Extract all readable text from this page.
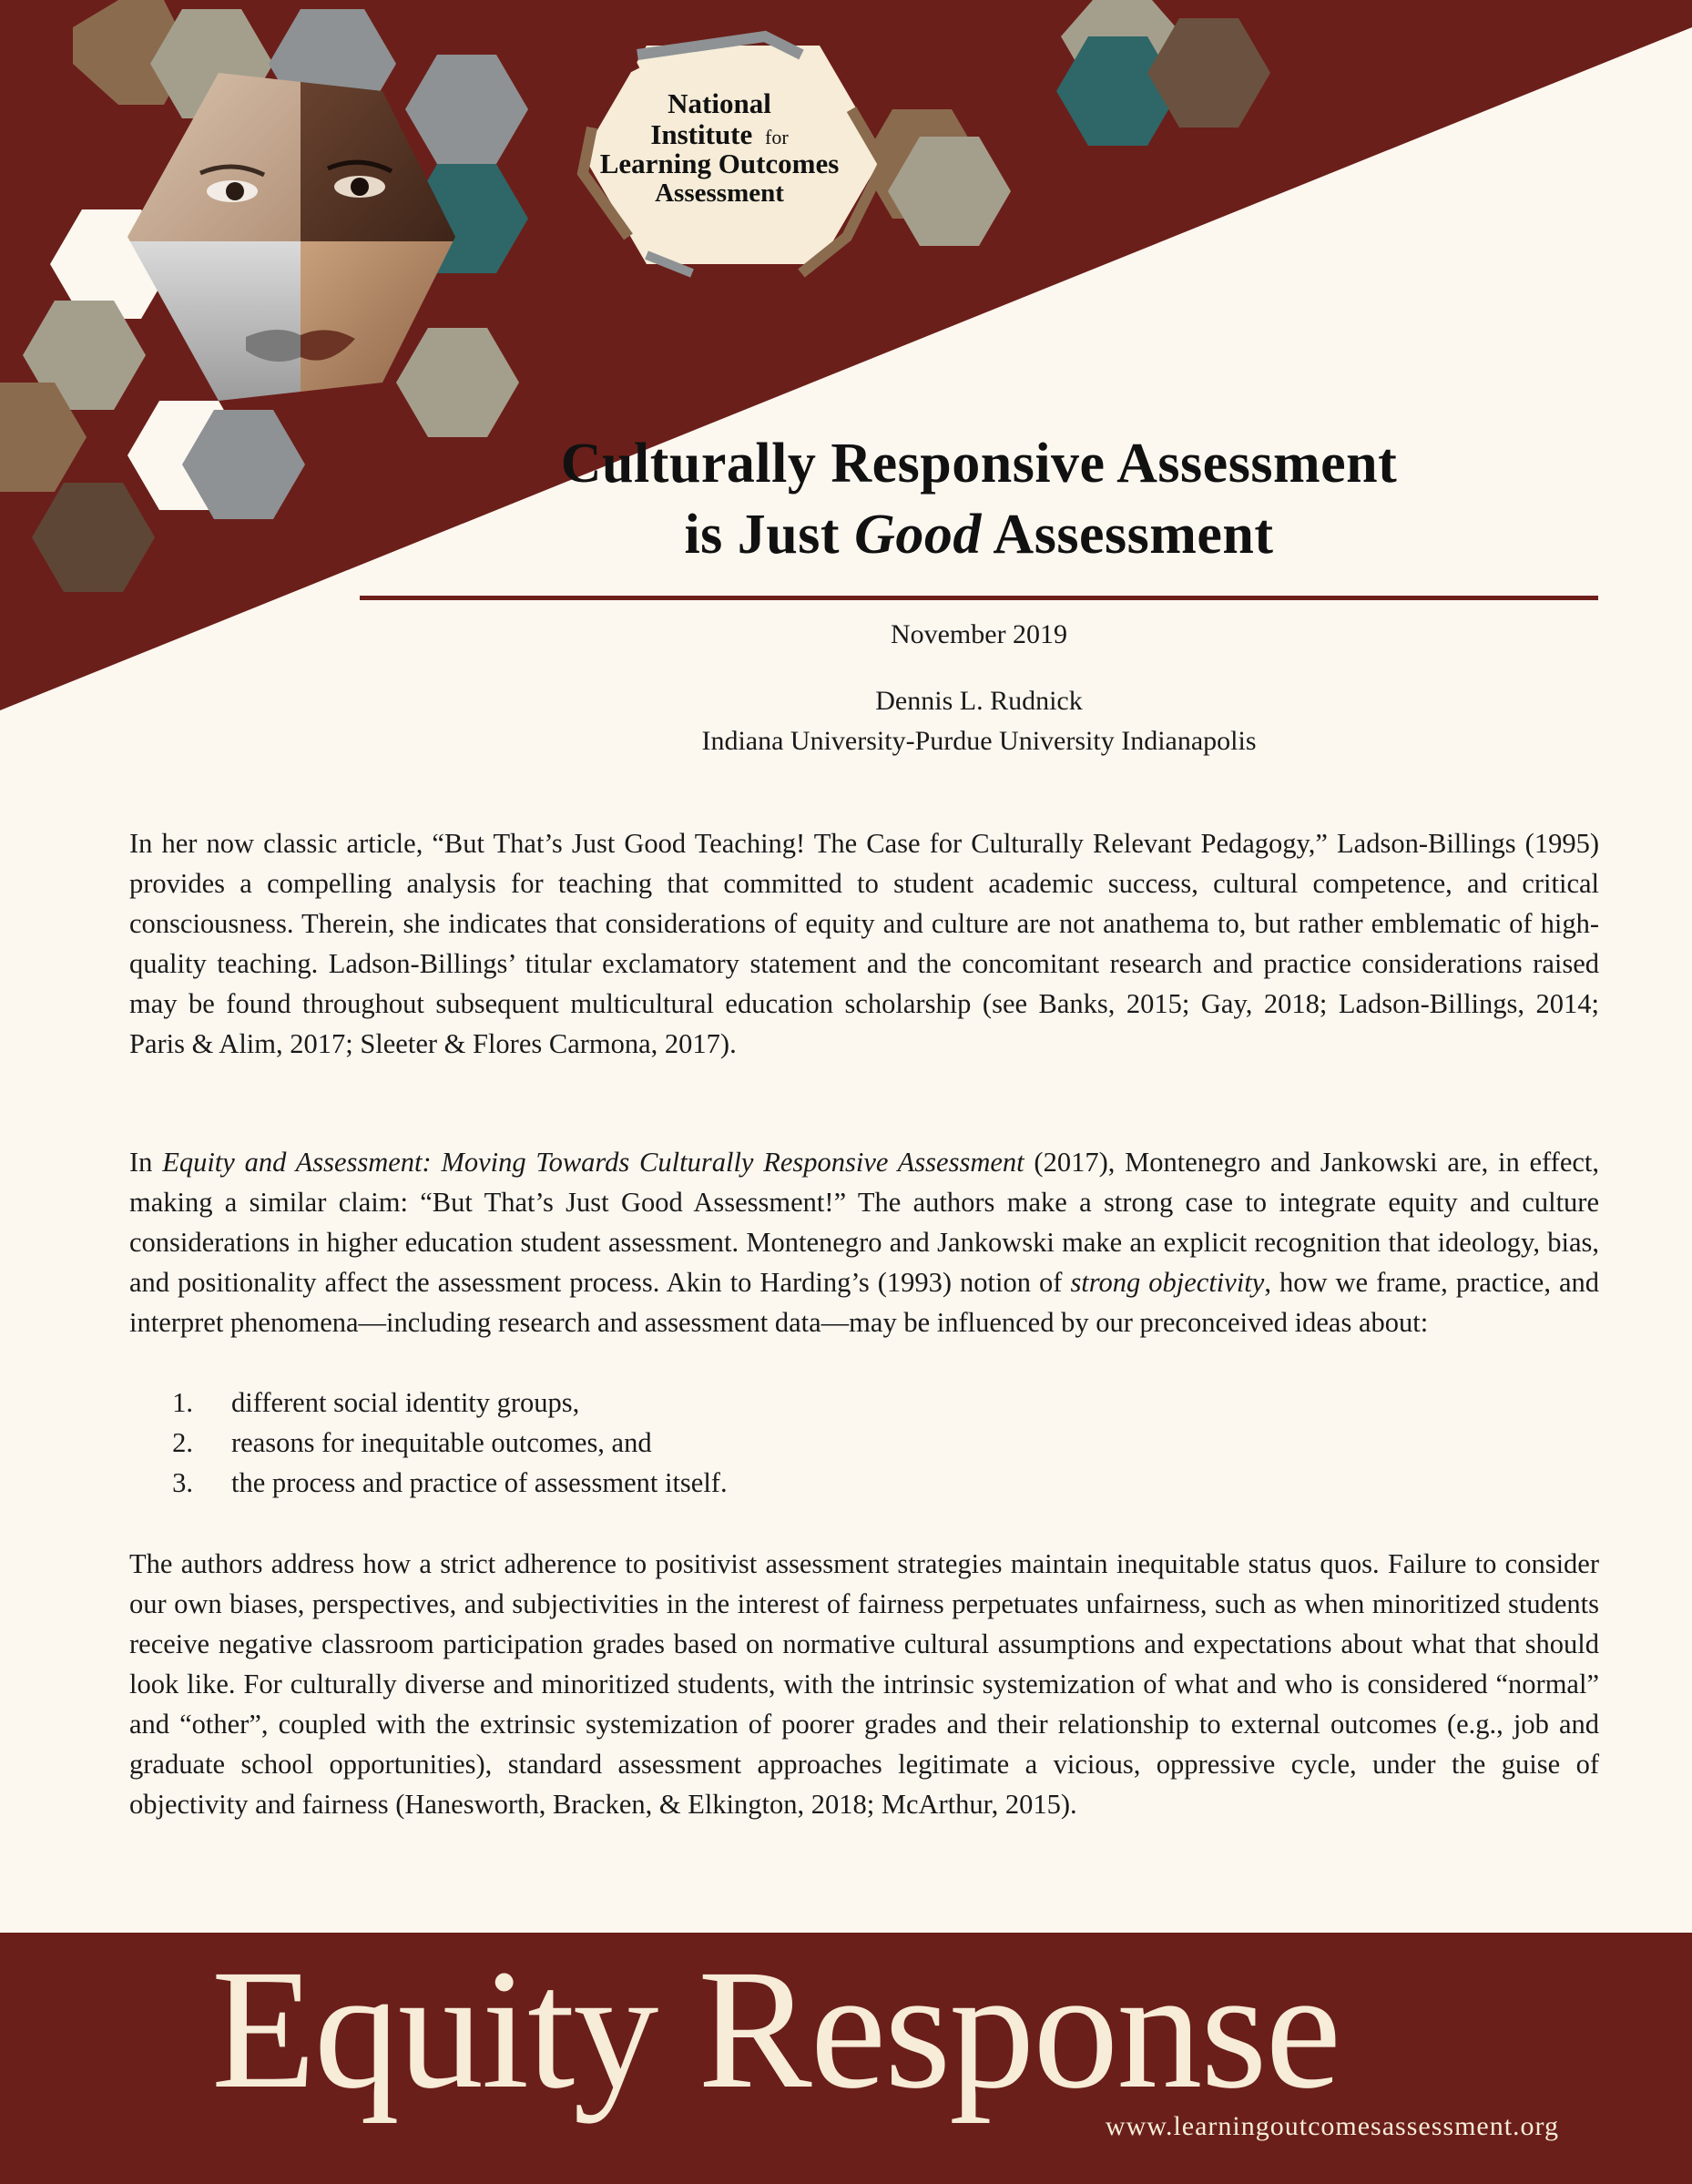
National
Institute for
Learning Outcomes
Assessment
Culturally Responsive Assessment
is Just Good Assessment
November 2019
Dennis L. Rudnick
Indiana University-Purdue University Indianapolis

In her now classic article, “But That’s Just Good Teaching! The Case for Culturally Relevant Pedagogy,” Ladson-Billings (1995) provides a compelling analysis for teaching that committed to student academic success, cultural competence, and critical consciousness. Therein, she indicates that considerations of equity and culture are not anathema to, but rather emblematic of high-quality teaching. Ladson-Billings’ titular exclamatory statement and the concomitant research and practice considerations raised may be found throughout subsequent multicultural education scholarship (see Banks, 2015; Gay, 2018; Ladson-Billings, 2014; Paris & Alim, 2017; Sleeter & Flores Carmona, 2017).

In Equity and Assessment: Moving Towards Culturally Responsive Assessment (2017), Montenegro and Jankowski are, in effect, making a similar claim: “But That’s Just Good Assessment!” The authors make a strong case to integrate equity and culture considerations in higher education student assessment. Montenegro and Jankowski make an explicit recognition that ideology, bias, and positionality affect the assessment process. Akin to Harding’s (1993) notion of strong objectivity, how we frame, practice, and interpret phenomena—including research and assessment data—may be influenced by our preconceived ideas about:

1.	different social identity groups,
2.	reasons for inequitable outcomes, and
3.	the process and practice of assessment itself.

The authors address how a strict adherence to positivist assessment strategies maintain inequitable status quos. Failure to consider our own biases, perspectives, and subjectivities in the interest of fairness perpetuates unfairness, such as when minoritized students receive negative classroom participation grades based on normative cultural assumptions and expectations about what that should look like. For culturally diverse and minoritized students, with the intrinsic systemization of what and who is considered “normal” and “other”, coupled with the extrinsic systemization of poorer grades and their relationship to external outcomes (e.g., job and graduate school opportunities), standard assessment approaches legitimate a vicious, oppressive cycle, under the guise of objectivity and fairness (Hanesworth, Bracken, & Elkington, 2018; McArthur, 2015).

Equity Response
www.learningoutcomesassessment.org
